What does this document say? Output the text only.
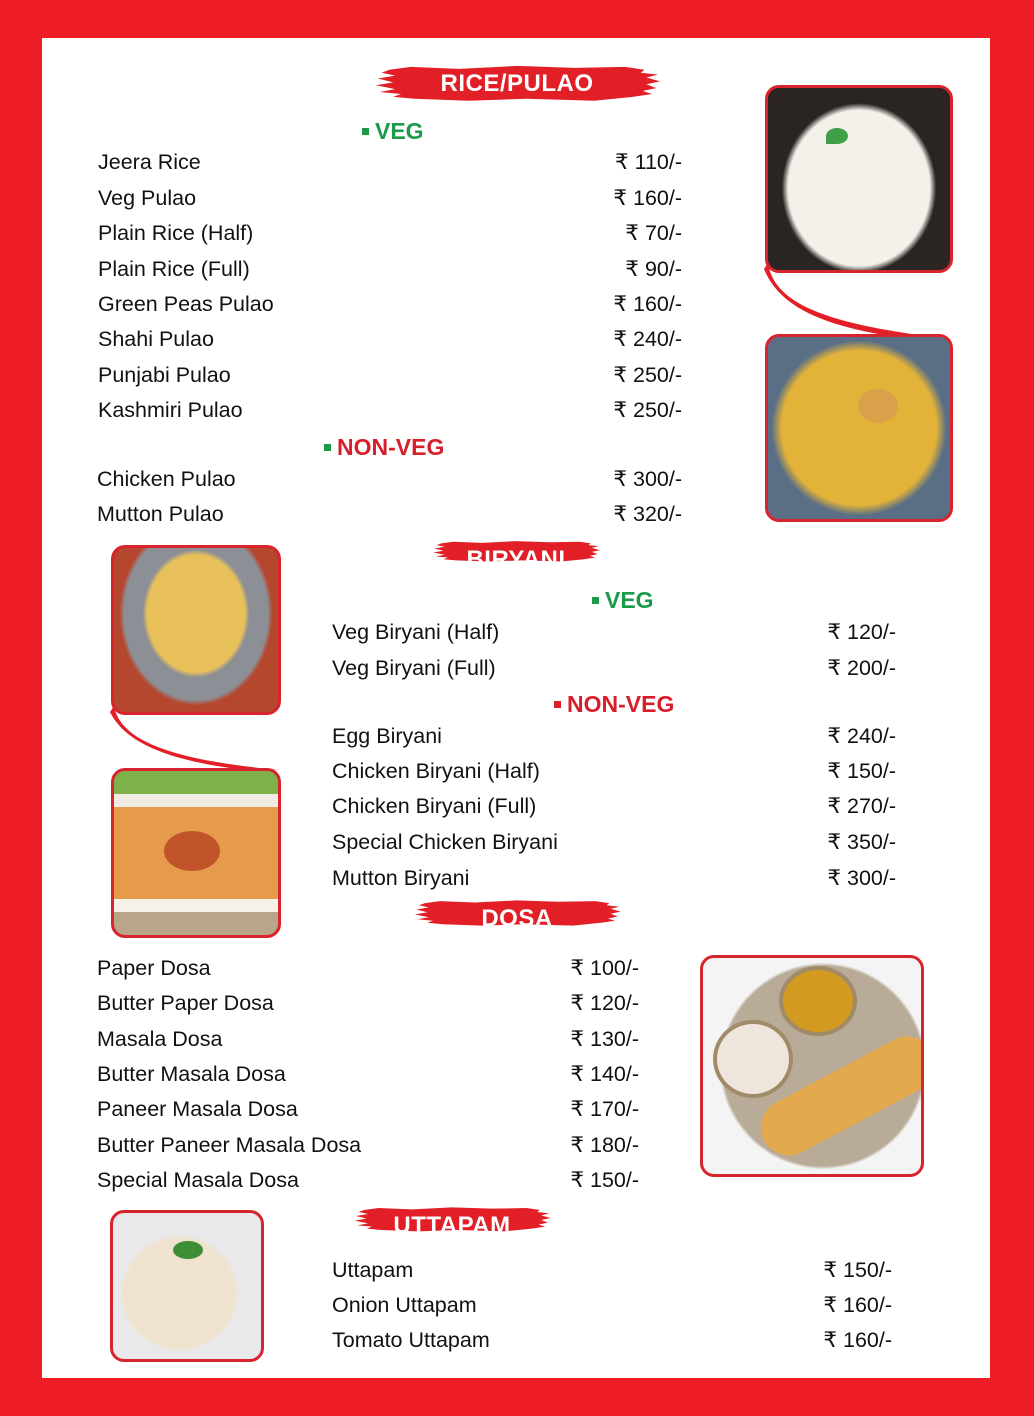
RICE/PULAO
VEG
Jeera Rice	₹ 110/-
Veg Pulao	₹ 160/-
Plain Rice (Half)	₹ 70/-
Plain Rice (Full)	₹ 90/-
Green Peas Pulao	₹ 160/-
Shahi Pulao	₹ 240/-
Punjabi Pulao	₹ 250/-
Kashmiri Pulao	₹ 250/-
NON-VEG
Chicken Pulao	₹ 300/-
Mutton Pulao	₹ 320/-
BIRYANI
VEG
Veg Biryani (Half)	₹ 120/-
Veg Biryani (Full)	₹ 200/-
NON-VEG
Egg Biryani	₹ 240/-
Chicken Biryani (Half)	₹ 150/-
Chicken Biryani (Full)	₹ 270/-
Special Chicken Biryani	₹ 350/-
Mutton Biryani	₹ 300/-
DOSA
Paper Dosa	₹ 100/-
Butter Paper Dosa	₹ 120/-
Masala Dosa	₹ 130/-
Butter Masala Dosa	₹ 140/-
Paneer Masala Dosa	₹ 170/-
Butter Paneer Masala Dosa	₹ 180/-
Special Masala Dosa	₹ 150/-
UTTAPAM
Uttapam	₹ 150/-
Onion Uttapam	₹ 160/-
Tomato Uttapam	₹ 160/-
